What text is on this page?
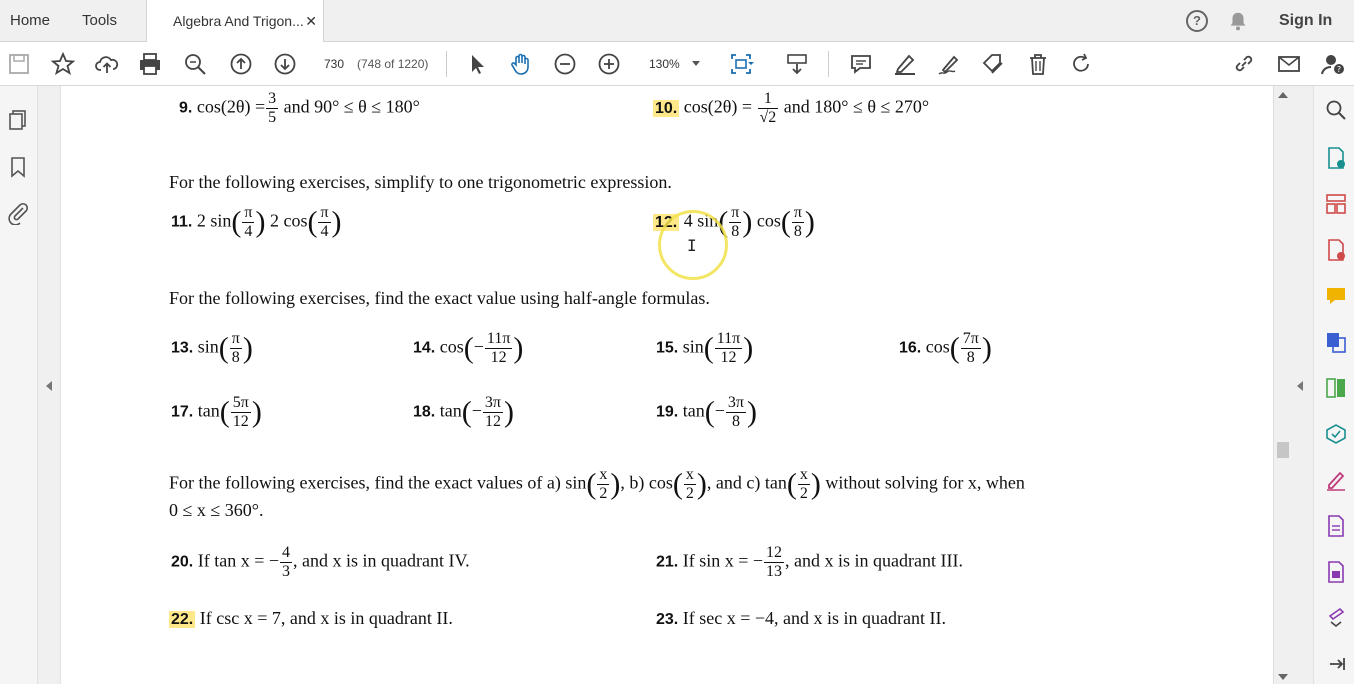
Home Tools	Algebra And Trigon... ✕	?	Sign In
730	(748 of 1220)	130%	?
9. $\cos(2\theta) = \frac{3}{5}$ and 90° ≤ θ ≤ 180°	10. $\cos(2\theta) = \frac{1}{√2}$ and 180° ≤ θ ≤ 270°
For the following exercises, simplify to one trigonometric expression.
11. 2 $\sin( \frac{\pi}{4}$ ) 2 $\cos( \frac{\pi}{4}$ )	12. 4 $\sin( \frac{\pi}{8}$ ) $\cos( \frac{\pi}{8}$ )
For the following exercises, find the exact value using half-angle formulas.
13. $\sin( \frac{\pi}{8}$ )	14. $\cos(- \frac{11\pi}{12}$ )	15. $\sin( \frac{11\pi}{12}$ )	16. $\cos( \frac{7\pi}{8}$ )
17. $\tan( \frac{5\pi}{12}$ )	18. $\tan(- \frac{3\pi}{12}$ )	19. $\tan(- \frac{3\pi}{8}$ )
For the following exercises, find the exact values of a) $\sin( \frac{x}{2}$ ), b) $\cos( \frac{x}{2}$ ), and c) $\tan( \frac{x}{2}$ ) without solving for x, when
0 ≤ x ≤ 360°.
20. If tan x = − $\frac{4}{3}$ , and x is in quadrant IV.	21. If sin x = − $\frac{12}{13}$ , and x is in quadrant III.
22. If csc x = 7, and x is in quadrant II.	23. If sec x = −4, and x is in quadrant II.
I
